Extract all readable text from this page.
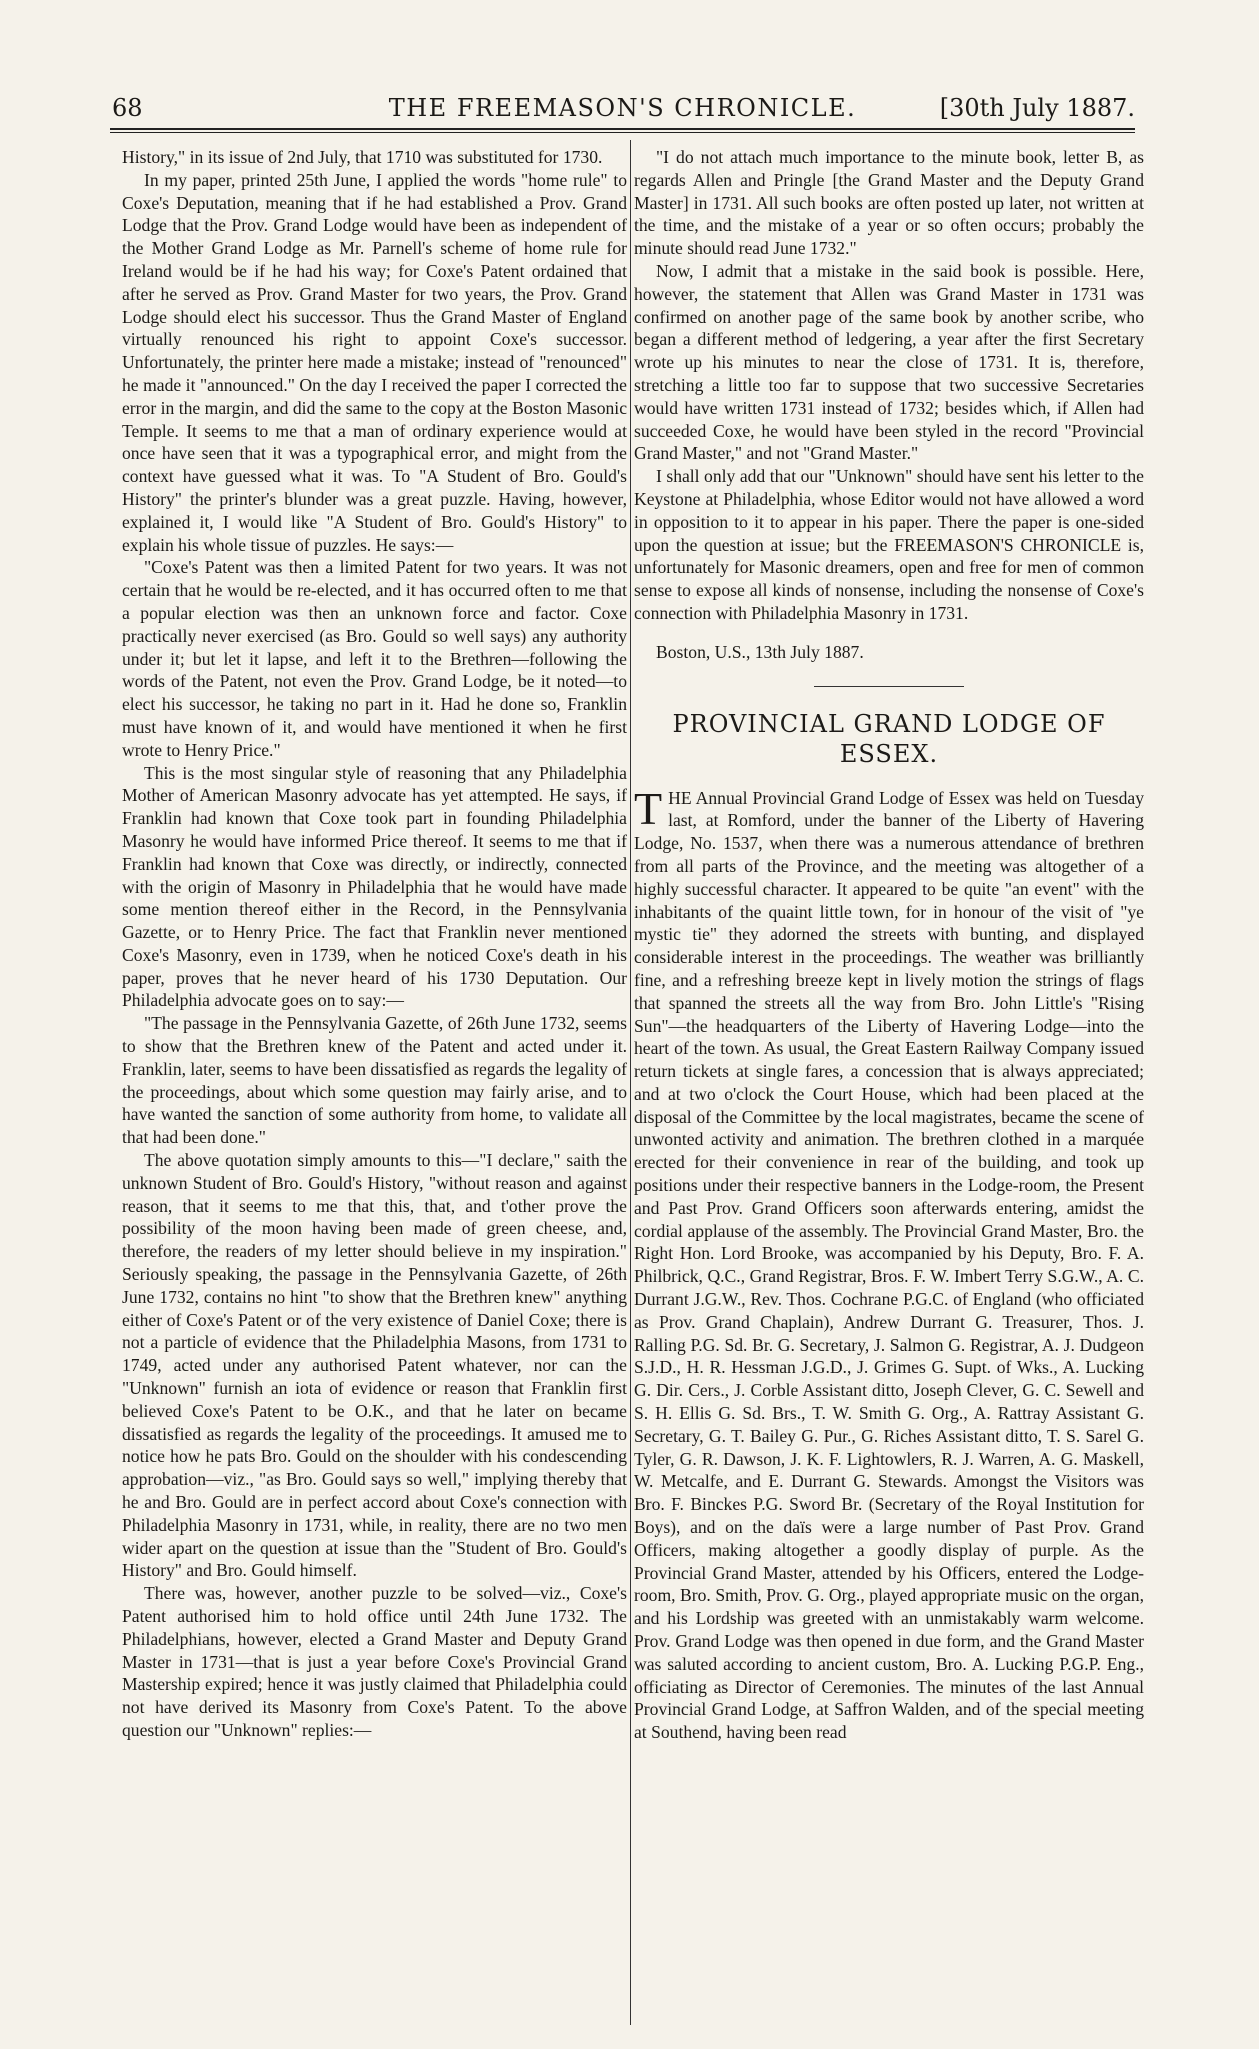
68	THE FREEMASON'S CHRONICLE.	[30th July 1887.

History," in its issue of 2nd July, that 1710 was substituted for 1730.

In my paper, printed 25th June, I applied the words "home rule" to Coxe's Deputation, meaning that if he had established a Prov. Grand Lodge that the Prov. Grand Lodge would have been as independent of the Mother Grand Lodge as Mr. Parnell's scheme of home rule for Ireland would be if he had his way; for Coxe's Patent ordained that after he served as Prov. Grand Master for two years, the Prov. Grand Lodge should elect his successor. Thus the Grand Master of England virtually renounced his right to appoint Coxe's successor. Unfortunately, the printer here made a mistake; instead of "renounced" he made it "announced." On the day I received the paper I corrected the error in the margin, and did the same to the copy at the Boston Masonic Temple. It seems to me that a man of ordinary experience would at once have seen that it was a typographical error, and might from the context have guessed what it was. To "A Student of Bro. Gould's History" the printer's blunder was a great puzzle. Having, however, explained it, I would like "A Student of Bro. Gould's History" to explain his whole tissue of puzzles. He says:—

"Coxe's Patent was then a limited Patent for two years. It was not certain that he would be re-elected, and it has occurred often to me that a popular election was then an unknown force and factor. Coxe practically never exercised (as Bro. Gould so well says) any authority under it; but let it lapse, and left it to the Brethren—following the words of the Patent, not even the Prov. Grand Lodge, be it noted—to elect his successor, he taking no part in it. Had he done so, Franklin must have known of it, and would have mentioned it when he first wrote to Henry Price."

This is the most singular style of reasoning that any Philadelphia Mother of American Masonry advocate has yet attempted. He says, if Franklin had known that Coxe took part in founding Philadelphia Masonry he would have informed Price thereof. It seems to me that if Franklin had known that Coxe was directly, or indirectly, connected with the origin of Masonry in Philadelphia that he would have made some mention thereof either in the Record, in the Pennsylvania Gazette, or to Henry Price. The fact that Franklin never mentioned Coxe's Masonry, even in 1739, when he noticed Coxe's death in his paper, proves that he never heard of his 1730 Deputation. Our Philadelphia advocate goes on to say:—

"The passage in the Pennsylvania Gazette, of 26th June 1732, seems to show that the Brethren knew of the Patent and acted under it. Franklin, later, seems to have been dissatisfied as regards the legality of the proceedings, about which some question may fairly arise, and to have wanted the sanction of some authority from home, to validate all that had been done."

The above quotation simply amounts to this—"I declare," saith the unknown Student of Bro. Gould's History, "without reason and against reason, that it seems to me that this, that, and t'other prove the possibility of the moon having been made of green cheese, and, therefore, the readers of my letter should believe in my inspiration." Seriously speaking, the passage in the Pennsylvania Gazette, of 26th June 1732, contains no hint "to show that the Brethren knew" anything either of Coxe's Patent or of the very existence of Daniel Coxe; there is not a particle of evidence that the Philadelphia Masons, from 1731 to 1749, acted under any authorised Patent whatever, nor can the "Unknown" furnish an iota of evidence or reason that Franklin first believed Coxe's Patent to be O.K., and that he later on became dissatisfied as regards the legality of the proceedings. It amused me to notice how he pats Bro. Gould on the shoulder with his condescending approbation—viz., "as Bro. Gould says so well," implying thereby that he and Bro. Gould are in perfect accord about Coxe's connection with Philadelphia Masonry in 1731, while, in reality, there are no two men wider apart on the question at issue than the "Student of Bro. Gould's History" and Bro. Gould himself.

There was, however, another puzzle to be solved—viz., Coxe's Patent authorised him to hold office until 24th June 1732. The Philadelphians, however, elected a Grand Master and Deputy Grand Master in 1731—that is just a year before Coxe's Provincial Grand Mastership expired; hence it was justly claimed that Philadelphia could not have derived its Masonry from Coxe's Patent. To the above question our "Unknown" replies:—

"I do not attach much importance to the minute book, letter B, as regards Allen and Pringle [the Grand Master and the Deputy Grand Master] in 1731. All such books are often posted up later, not written at the time, and the mistake of a year or so often occurs; probably the minute should read June 1732."

Now, I admit that a mistake in the said book is possible. Here, however, the statement that Allen was Grand Master in 1731 was confirmed on another page of the same book by another scribe, who began a different method of ledgering, a year after the first Secretary wrote up his minutes to near the close of 1731. It is, therefore, stretching a little too far to suppose that two successive Secretaries would have written 1731 instead of 1732; besides which, if Allen had succeeded Coxe, he would have been styled in the record "Provincial Grand Master," and not "Grand Master."

I shall only add that our "Unknown" should have sent his letter to the Keystone at Philadelphia, whose Editor would not have allowed a word in opposition to it to appear in his paper. There the paper is one-sided upon the question at issue; but the FREEMASON'S CHRONICLE is, unfortunately for Masonic dreamers, open and free for men of common sense to expose all kinds of nonsense, including the nonsense of Coxe's connection with Philadelphia Masonry in 1731.

Boston, U.S., 13th July 1887.

PROVINCIAL GRAND LODGE OF
ESSEX.

THE Annual Provincial Grand Lodge of Essex was held on Tuesday last, at Romford, under the banner of the Liberty of Havering Lodge, No. 1537, when there was a numerous attendance of brethren from all parts of the Province, and the meeting was altogether of a highly successful character. It appeared to be quite "an event" with the inhabitants of the quaint little town, for in honour of the visit of "ye mystic tie" they adorned the streets with bunting, and displayed considerable interest in the proceedings. The weather was brilliantly fine, and a refreshing breeze kept in lively motion the strings of flags that spanned the streets all the way from Bro. John Little's "Rising Sun"—the headquarters of the Liberty of Havering Lodge—into the heart of the town. As usual, the Great Eastern Railway Company issued return tickets at single fares, a concession that is always appreciated; and at two o'clock the Court House, which had been placed at the disposal of the Committee by the local magistrates, became the scene of unwonted activity and animation. The brethren clothed in a marquée erected for their convenience in rear of the building, and took up positions under their respective banners in the Lodge-room, the Present and Past Prov. Grand Officers soon afterwards entering, amidst the cordial applause of the assembly. The Provincial Grand Master, Bro. the Right Hon. Lord Brooke, was accompanied by his Deputy, Bro. F. A. Philbrick, Q.C., Grand Registrar, Bros. F. W. Imbert Terry S.G.W., A. C. Durrant J.G.W., Rev. Thos. Cochrane P.G.C. of England (who officiated as Prov. Grand Chaplain), Andrew Durrant G. Treasurer, Thos. J. Ralling P.G. Sd. Br. G. Secretary, J. Salmon G. Registrar, A. J. Dudgeon S.J.D., H. R. Hessman J.G.D., J. Grimes G. Supt. of Wks., A. Lucking G. Dir. Cers., J. Corble Assistant ditto, Joseph Clever, G. C. Sewell and S. H. Ellis G. Sd. Brs., T. W. Smith G. Org., A. Rattray Assistant G. Secretary, G. T. Bailey G. Pur., G. Riches Assistant ditto, T. S. Sarel G. Tyler, G. R. Dawson, J. K. F. Lightowlers, R. J. Warren, A. G. Maskell, W. Metcalfe, and E. Durrant G. Stewards. Amongst the Visitors was Bro. F. Binckes P.G. Sword Br. (Secretary of the Royal Institution for Boys), and on the daïs were a large number of Past Prov. Grand Officers, making altogether a goodly display of purple. As the Provincial Grand Master, attended by his Officers, entered the Lodge-room, Bro. Smith, Prov. G. Org., played appropriate music on the organ, and his Lordship was greeted with an unmistakably warm welcome. Prov. Grand Lodge was then opened in due form, and the Grand Master was saluted according to ancient custom, Bro. A. Lucking P.G.P. Eng., officiating as Director of Ceremonies. The minutes of the last Annual Provincial Grand Lodge, at Saffron Walden, and of the special meeting at Southend, having been read
